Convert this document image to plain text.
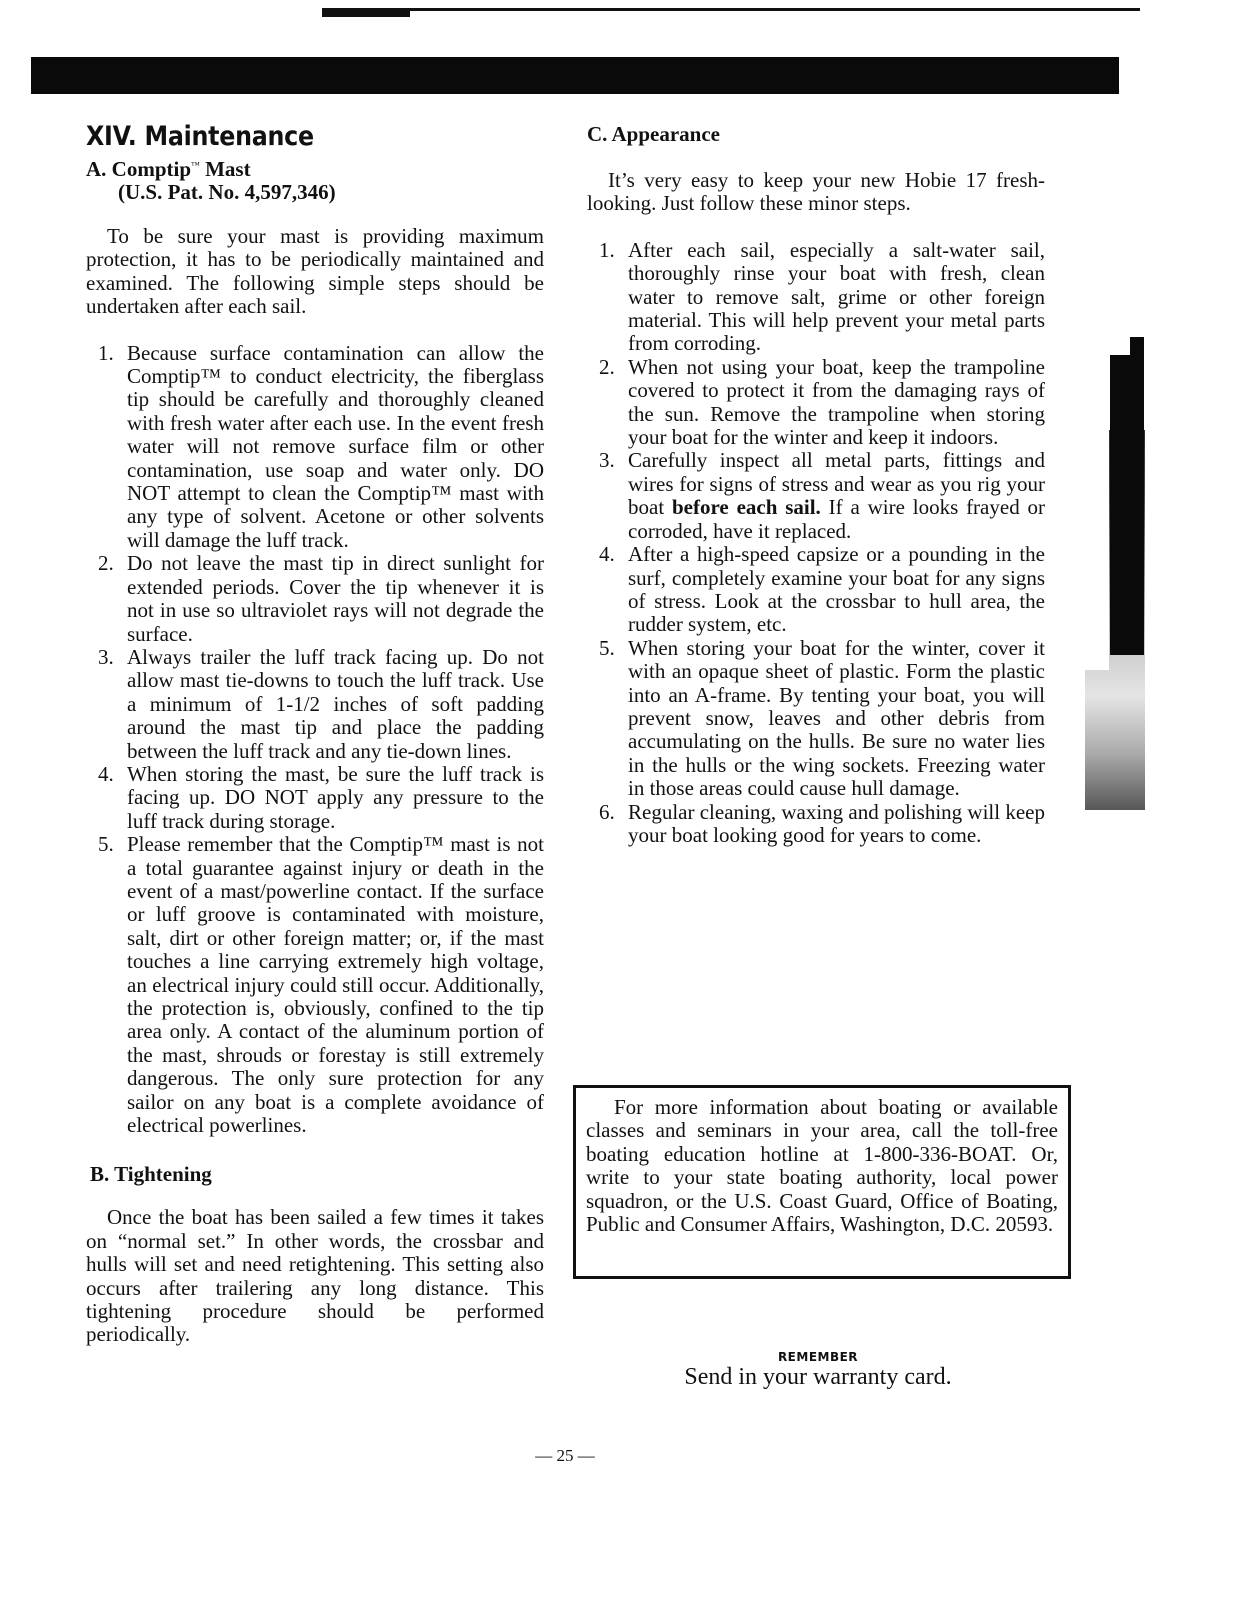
XIV. Maintenance
A. Comptip™ Mast
(U.S. Pat. No. 4,597,346)

To be sure your mast is providing maximum protection, it has to be periodically maintained and examined. The following simple steps should be undertaken after each sail.

1. Because surface contamination can allow the Comptip™ to conduct electricity, the fiberglass tip should be carefully and thoroughly cleaned with fresh water after each use. In the event fresh water will not remove surface film or other contamination, use soap and water only. DO NOT attempt to clean the Comptip™ mast with any type of solvent. Acetone or other solvents will damage the luff track.
2. Do not leave the mast tip in direct sunlight for extended periods. Cover the tip whenever it is not in use so ultraviolet rays will not degrade the surface.
3. Always trailer the luff track facing up. Do not allow mast tie-downs to touch the luff track. Use a minimum of 1-1/2 inches of soft padding around the mast tip and place the padding between the luff track and any tie-down lines.
4. When storing the mast, be sure the luff track is facing up. DO NOT apply any pressure to the luff track during storage.
5. Please remember that the Comptip™ mast is not a total guarantee against injury or death in the event of a mast/powerline contact. If the surface or luff groove is contaminated with moisture, salt, dirt or other foreign matter; or, if the mast touches a line carrying extremely high voltage, an electrical injury could still occur. Additionally, the protection is, obviously, confined to the tip area only. A contact of the aluminum portion of the mast, shrouds or forestay is still extremely dangerous. The only sure protection for any sailor on any boat is a complete avoidance of electrical powerlines.
B. Tightening

Once the boat has been sailed a few times it takes on “normal set.” In other words, the crossbar and hulls will set and need retightening. This setting also occurs after trailering any long distance. This tightening procedure should be performed periodically.

C. Appearance

It’s very easy to keep your new Hobie 17 fresh-looking. Just follow these minor steps.

1. After each sail, especially a salt-water sail, thoroughly rinse your boat with fresh, clean water to remove salt, grime or other foreign material. This will help prevent your metal parts from corroding.
2. When not using your boat, keep the trampoline covered to protect it from the damaging rays of the sun. Remove the trampoline when storing your boat for the winter and keep it indoors.
3. Carefully inspect all metal parts, fittings and wires for signs of stress and wear as you rig your boat before each sail. If a wire looks frayed or corroded, have it replaced.
4. After a high-speed capsize or a pounding in the surf, completely examine your boat for any signs of stress. Look at the crossbar to hull area, the rudder system, etc.
5. When storing your boat for the winter, cover it with an opaque sheet of plastic. Form the plastic into an A-frame. By tenting your boat, you will prevent snow, leaves and other debris from accumulating on the hulls. Be sure no water lies in the hulls or the wing sockets. Freezing water in those areas could cause hull damage.
6. Regular cleaning, waxing and polishing will keep your boat looking good for years to come.

For more information about boating or available classes and seminars in your area, call the toll-free boating education hotline at 1-800-336-BOAT. Or, write to your state boating authority, local power squadron, or the U.S. Coast Guard, Office of Boating, Public and Consumer Affairs, Washington, D.C. 20593.

REMEMBER
Send in your warranty card.
— 25 —
